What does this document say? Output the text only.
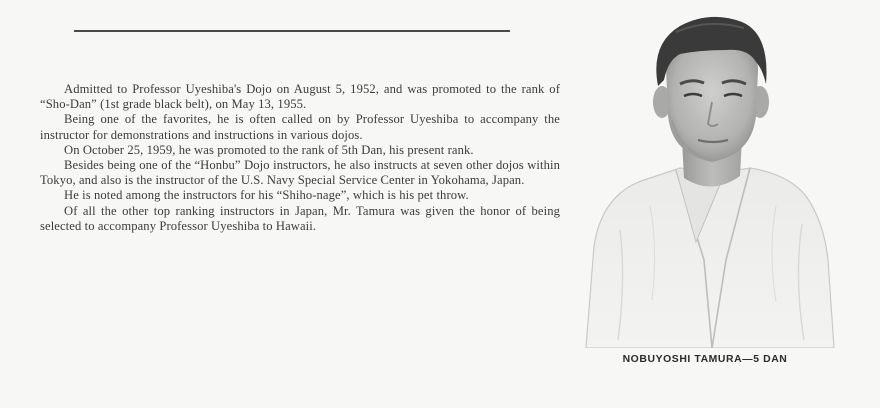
Admitted to Professor Uyeshiba's Dojo on August 5, 1952, and was promoted to the rank of “Sho-Dan” (1st grade black belt), on May 13, 1955.

Being one of the favorites, he is often called on by Professor Uyeshiba to accompany the instructor for demonstrations and instructions in various dojos.

On October 25, 1959, he was promoted to the rank of 5th Dan, his present rank.

Besides being one of the “Honbu” Dojo instructors, he also instructs at seven other dojos within Tokyo, and also is the instructor of the U.S. Navy Special Service Center in Yokohama, Japan.

He is noted among the instructors for his “Shiho-nage”, which is his pet throw.

Of all the other top ranking instructors in Japan, Mr. Tamura was given the honor of being selected to accompany Professor Uyeshiba to Hawaii.

NOBUYOSHI TAMURA—5 DAN
